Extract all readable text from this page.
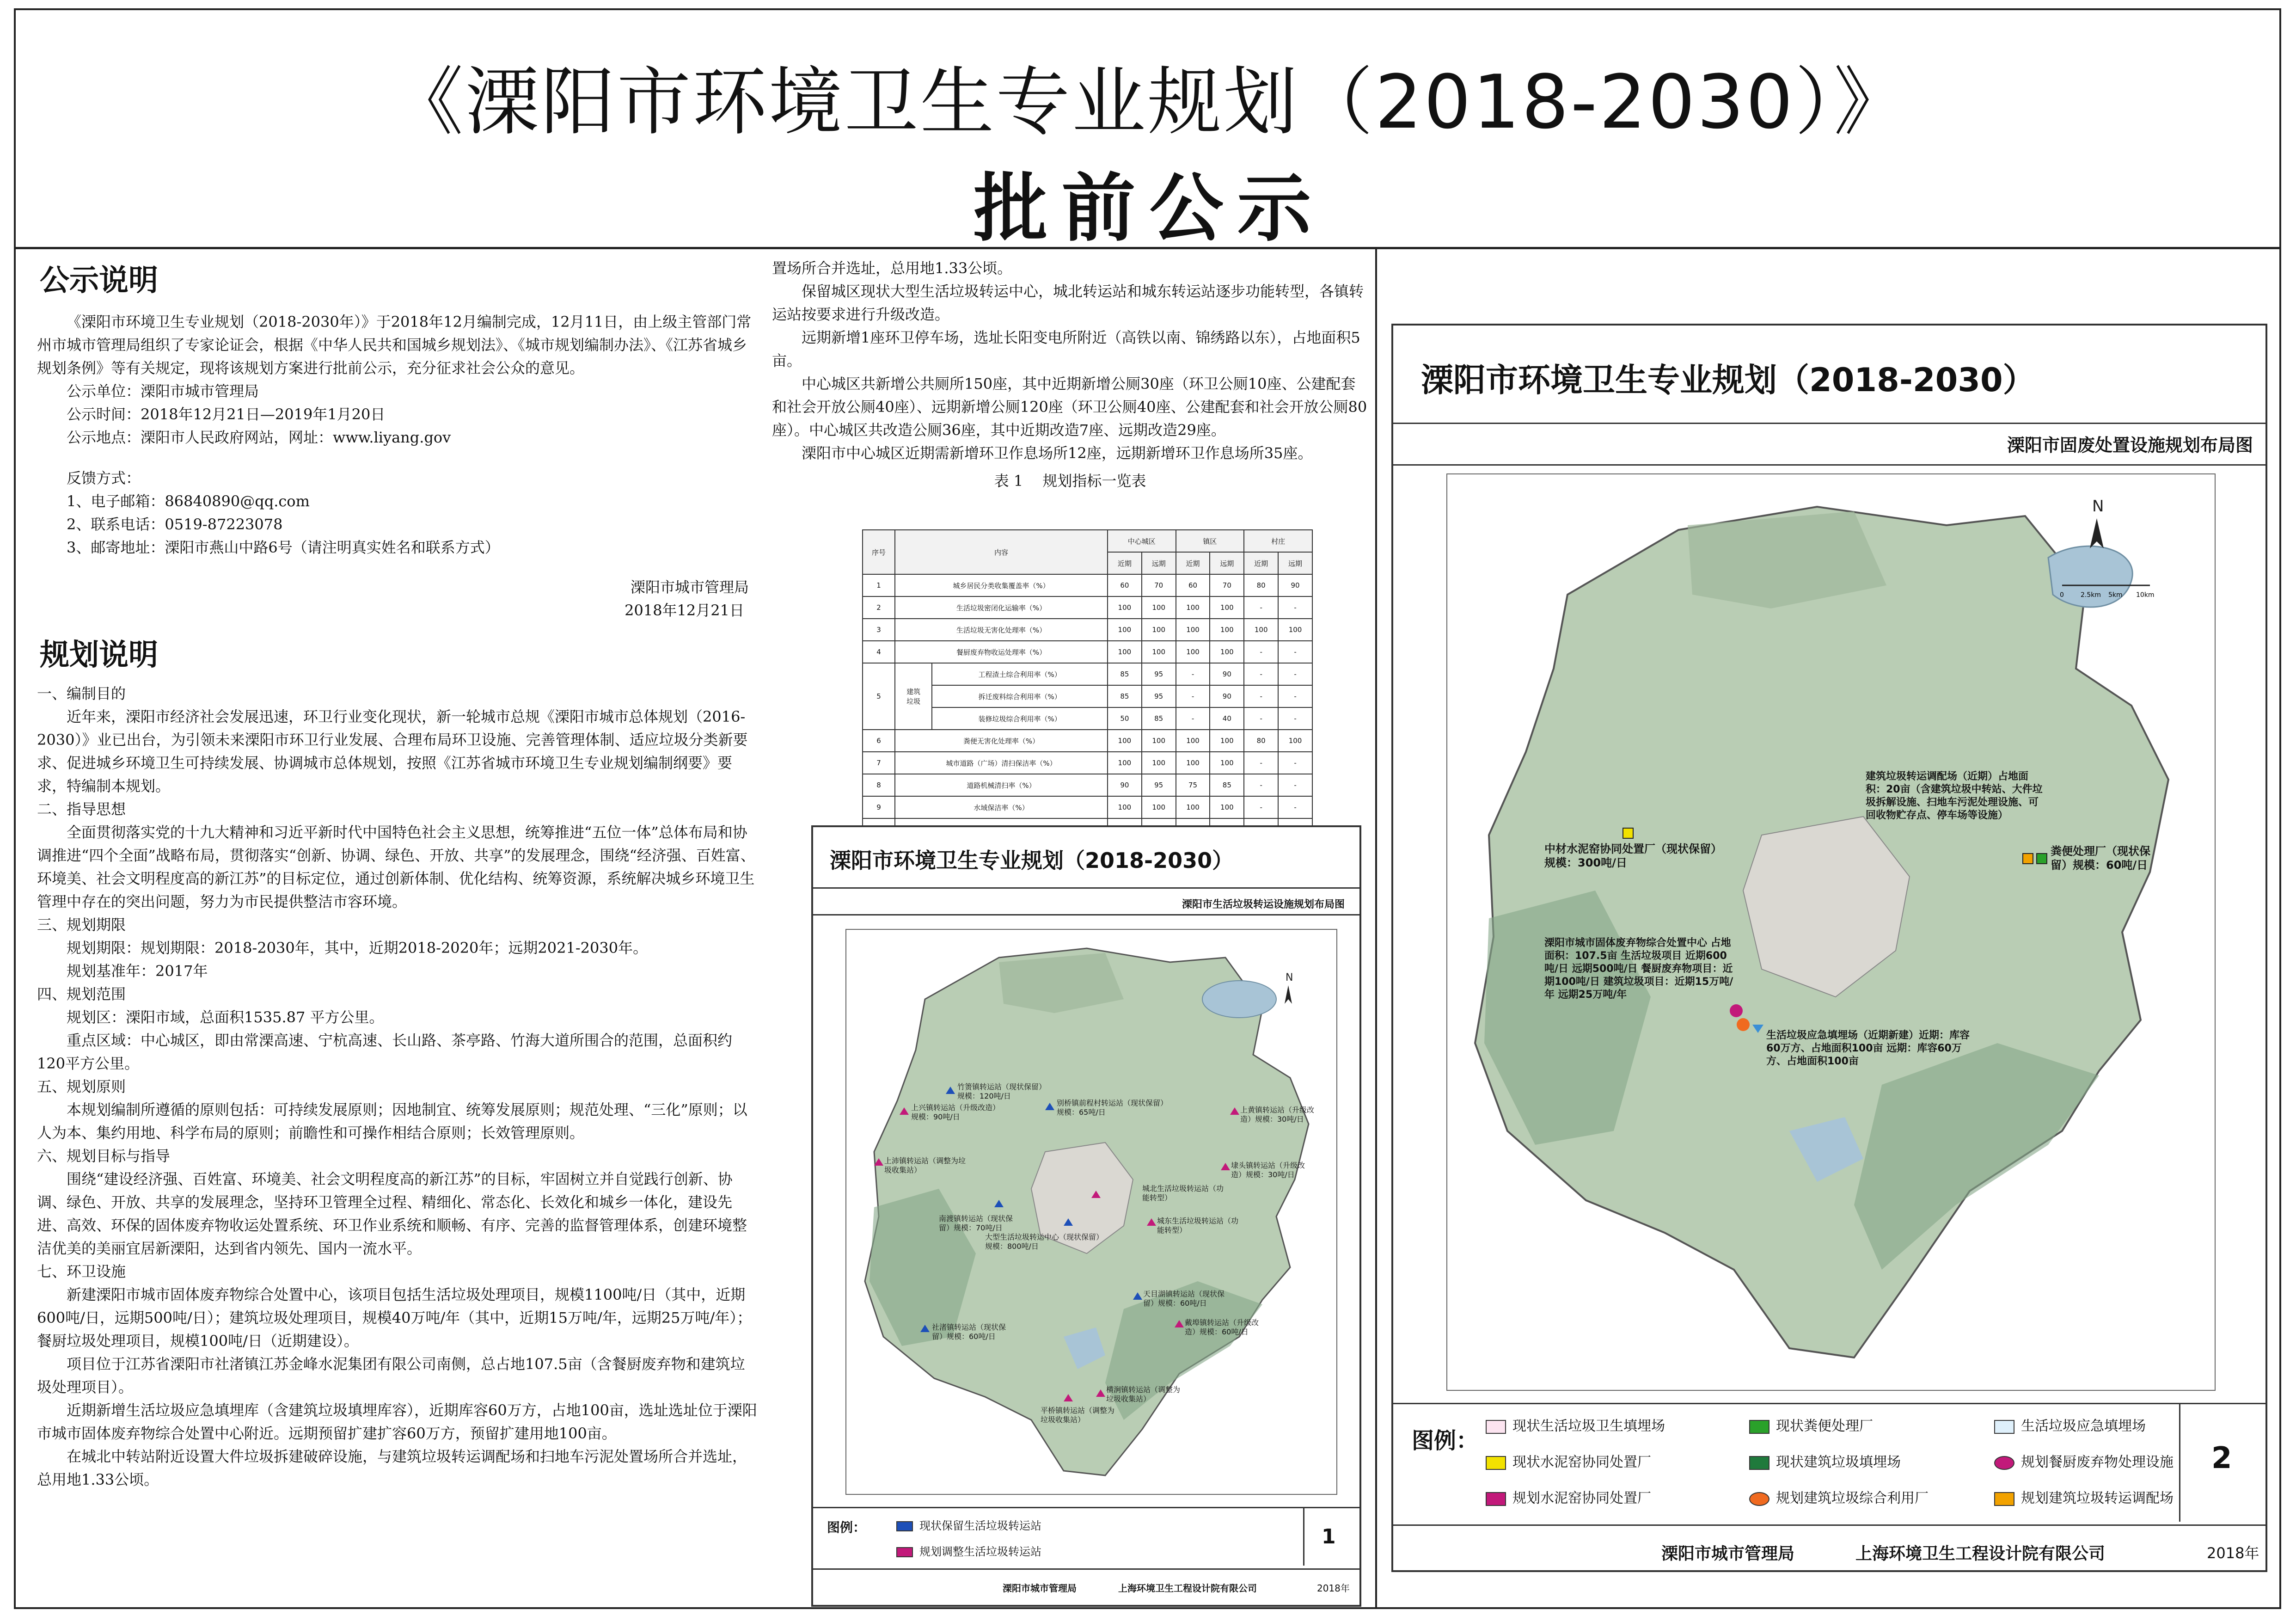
《溧阳市环境卫生专业规划（2018-2030）》
批前公示
公示说明

《溧阳市环境卫生专业规划（2018-2030年）》于2018年12月编制完成，12月11日，由上级主管部门常州市城市管理局组织了专家论证会，根据《中华人民共和国城乡规划法》、《城市规划编制办法》、《江苏省城乡规划条例》等有关规定，现将该规划方案进行批前公示，充分征求社会公众的意见。

公示单位：溧阳市城市管理局

公示时间：2018年12月21日—2019年1月20日

公示地点：溧阳市人民政府网站，网址：www.liyang.gov

反馈方式：

1、电子邮箱：86840890@qq.com

2、联系电话：0519-87223078

3、邮寄地址：溧阳市燕山中路6号（请注明真实姓名和联系方式）

溧阳市城市管理局

2018年12月21日

规划说明

一、编制目的

近年来，溧阳市经济社会发展迅速，环卫行业变化现状，新一轮城市总规《溧阳市城市总体规划（2016-2030）》业已出台，为引领未来溧阳市环卫行业发展、合理布局环卫设施、完善管理体制、适应垃圾分类新要求、促进城乡环境卫生可持续发展、协调城市总体规划，按照《江苏省城市环境卫生专业规划编制纲要》要求，特编制本规划。

二、指导思想

全面贯彻落实党的十九大精神和习近平新时代中国特色社会主义思想，统筹推进“五位一体”总体布局和协调推进“四个全面”战略布局，贯彻落实“创新、协调、绿色、开放、共享”的发展理念，围绕“经济强、百姓富、环境美、社会文明程度高的新江苏”的目标定位，通过创新体制、优化结构、统筹资源，系统解决城乡环境卫生管理中存在的突出问题，努力为市民提供整洁市容环境。

三、规划期限

规划期限：规划期限：2018-2030年，其中，近期2018-2020年；远期2021-2030年。

规划基准年：2017年

四、规划范围

规划区：溧阳市域，总面积1535.87 平方公里。

重点区域：中心城区，即由常溧高速、宁杭高速、长山路、茶亭路、竹海大道所围合的范围，总面积约120平方公里。

五、规划原则

本规划编制所遵循的原则包括：可持续发展原则；因地制宜、统筹发展原则；规范处理、“三化”原则；以人为本、集约用地、科学布局的原则；前瞻性和可操作相结合原则；长效管理原则。

六、规划目标与指导

围绕“建设经济强、百姓富、环境美、社会文明程度高的新江苏”的目标，牢固树立并自觉践行创新、协调、绿色、开放、共享的发展理念，坚持环卫管理全过程、精细化、常态化、长效化和城乡一体化，建设先进、高效、环保的固体废弃物收运处置系统、环卫作业系统和顺畅、有序、完善的监督管理体系，创建环境整洁优美的美丽宜居新溧阳，达到省内领先、国内一流水平。

七、环卫设施

新建溧阳市城市固体废弃物综合处置中心，该项目包括生活垃圾处理项目，规模1100吨/日（其中，近期600吨/日，远期500吨/日）；建筑垃圾处理项目，规模40万吨/年（其中，近期15万吨/年，远期25万吨/年）；餐厨垃圾处理项目，规模100吨/日（近期建设）。

项目位于江苏省溧阳市社渚镇江苏金峰水泥集团有限公司南侧，总占地107.5亩（含餐厨废弃物和建筑垃圾处理项目）。

近期新增生活垃圾应急填埋库（含建筑垃圾填埋库容），近期库容60万方，占地100亩，选址选址位于溧阳市城市固体废弃物综合处置中心附近。远期预留扩建扩容60万方，预留扩建用地100亩。

在城北中转站附近设置大件垃圾拆建破碎设施，与建筑垃圾转运调配场和扫地车污泥处置场所合并选址，总用地1.33公顷。

置场所合并选址，总用地1.33公顷。

保留城区现状大型生活垃圾转运中心，城北转运站和城东转运站逐步功能转型，各镇转运站按要求进行升级改造。

远期新增1座环卫停车场，选址长阳变电所附近（高铁以南、锦绣路以东），占地面积5亩。

中心城区共新增公共厕所150座，其中近期新增公厕30座（环卫公厕10座、公建配套和社会开放公厕40座）、远期新增公厕120座（环卫公厕40座、公建配套和社会开放公厕80座）。中心城区共改造公厕36座，其中近期改造7座、远期改造29座。

溧阳市中心城区近期需新增环卫作息场所12座，远期新增环卫作息场所35座。

表 1　 规划指标一览表

序号	内容		中心城区		镇区		村庄	
			近期	远期	近期	远期	近期	远期
1	城乡居民分类收集覆盖率（%）		60	70	60	70	80	90
2	生活垃圾密闭化运输率（%）		100	100	100	100	-	-
3	生活垃圾无害化处理率（%）		100	100	100	100	100	100
4	餐厨废弃物收运处理率（%）		100	100	100	100	-	-
5	建筑
垃圾	工程渣土综合利用率（%）	85	95	-	90	-	-
		拆迁废料综合利用率（%）	85	95	-	90	-	-
		装修垃圾综合利用率（%）	50	85	-	40	-	-
6	粪便无害化处理率（%）		100	100	100	100	80	100
7	城市道路（广场）清扫保洁率（%）		100	100	100	100	-	-
8	道路机械清扫率（%）		90	95	75	85	-	-
9	水域保洁率（%）		100	100	100	100	-	-

溧阳市环境卫生专业规划（2018-2030）
溧阳市生活垃圾转运设施规划布局图
N
竹箦镇转运站（现状保留）规模：120吨/日
上兴镇转运站（升级改造）规模：90吨/日
别桥镇前程村转运站（现状保留）规模：65吨/日	上黄镇转运站（升级改造）规模：30吨/日
埭头镇转运站（升级改造）规模：30吨/日
城北生活垃圾转运站（功能转型）
上沛镇转运站（调整为垃圾收集站）
南渡镇转运站（现状保留）规模：70吨/日
大型生活垃圾转运中心（现状保留）规模：800吨/日
城东生活垃圾转运站（功能转型）
天目湖镇转运站（现状保留）规模：60吨/日
社渚镇转运站（现状保留）规模：60吨/日
戴埠镇转运站（升级改造）规模：60吨/日
平桥镇转运站（调整为垃圾收集站）
横涧镇转运站（调整为垃圾收集站）
图例：	现状保留生活垃圾转运站
规划调整生活垃圾转运站
1
溧阳市城市管理局	上海环境卫生工程设计院有限公司	2018年
溧阳市环境卫生专业规划（2018-2030）
溧阳市固废处置设施规划布局图
N
0	2.5km 5km 10km
中材水泥窑协同处置厂（现状保留）规模：300吨/日
建筑垃圾转运调配场（近期）占地面积：20亩（含建筑垃圾中转站、大件垃圾拆解设施、扫地车污泥处理设施、可回收物贮存点、停车场等设施）
粪便处理厂（现状保留）规模：60吨/日
溧阳市城市固体废弃物综合处置中心 占地面积：107.5亩 生活垃圾项目 近期600吨/日 远期500吨/日 餐厨废弃物项目：近期100吨/日 建筑垃圾项目：近期15万吨/年 远期25万吨/年
生活垃圾应急填埋场（近期新建）近期：库容60万方、占地面积100亩 远期：库容60万方、占地面积100亩
图例：
现状生活垃圾卫生填埋场	现状粪便处理厂	生活垃圾应急填埋场
现状水泥窑协同处置厂	现状建筑垃圾填埋场	规划餐厨废弃物处理设施
规划水泥窑协同处置厂	规划建筑垃圾综合利用厂	规划建筑垃圾转运调配场
2
溧阳市城市管理局	上海环境卫生工程设计院有限公司	2018年
